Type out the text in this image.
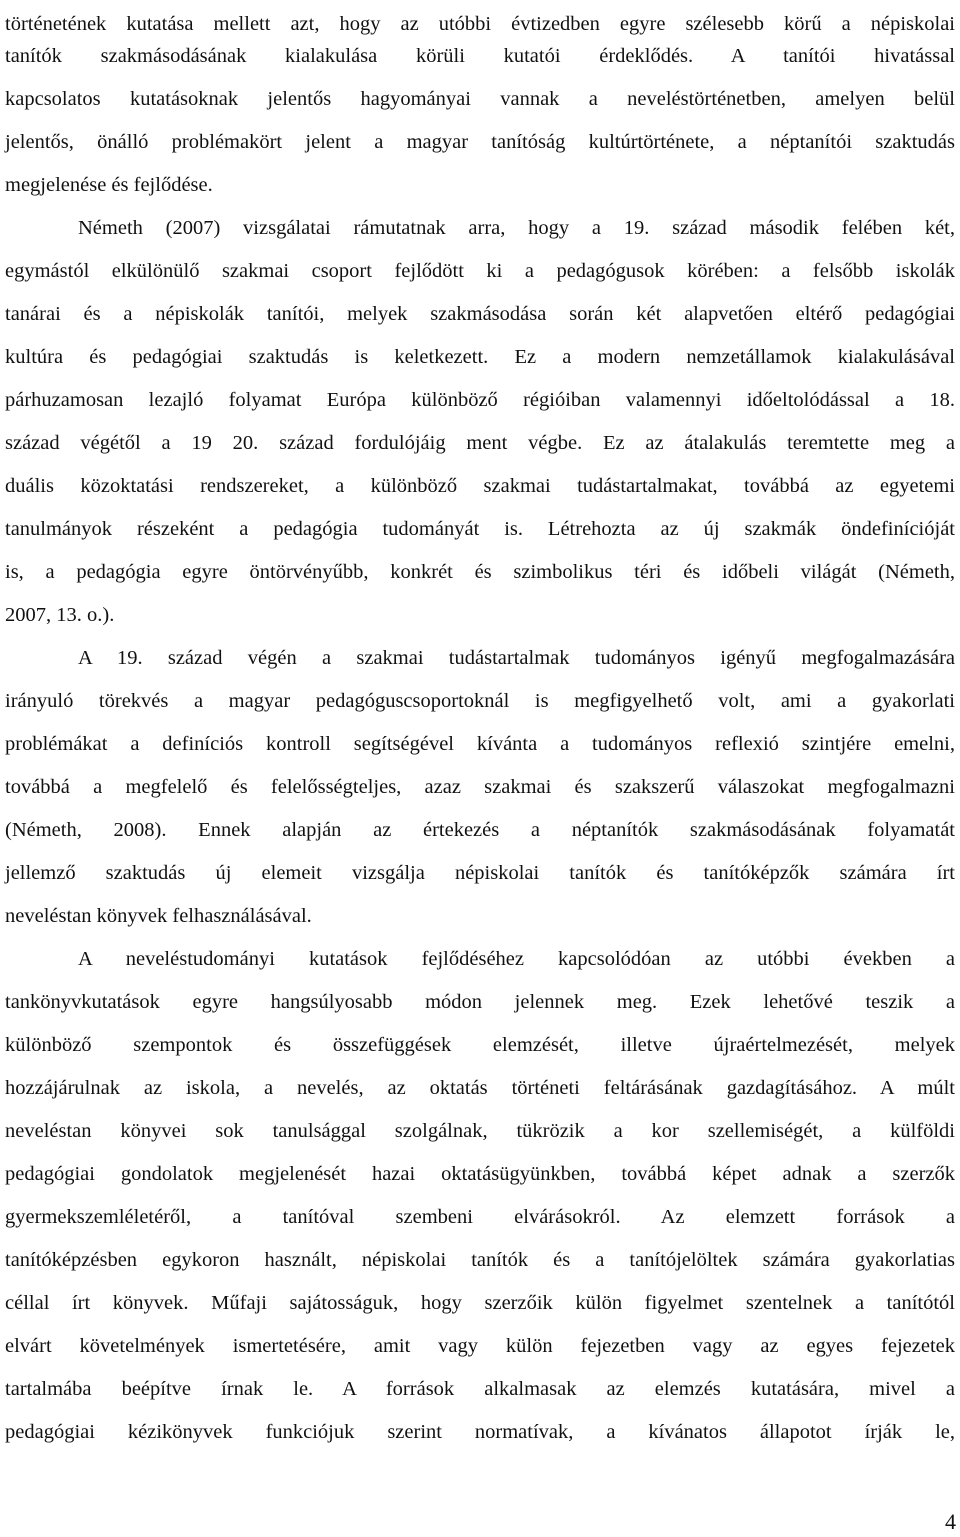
történetének kutatása mellett azt, hogy az utóbbi évtizedben egyre szélesebb körű a népiskolai
tanítók szakmásodásának kialakulása körüli kutatói érdeklődés. A tanítói hivatással
kapcsolatos kutatásoknak jelentős hagyományai vannak a neveléstörténetben, amelyen belül
jelentős, önálló problémakört jelent a magyar tanítóság kultúrtörténete, a néptanítói szaktudás
megjelenése és fejlődése.
Németh (2007) vizsgálatai rámutatnak arra, hogy a 19. század második felében két,
egymástól elkülönülő szakmai csoport fejlődött ki a pedagógusok körében: a felsőbb iskolák
tanárai és a népiskolák tanítói, melyek szakmásodása során két alapvetően eltérő pedagógiai
kultúra és pedagógiai szaktudás is keletkezett. Ez a modern nemzetállamok kialakulásával
párhuzamosan lezajló folyamat Európa különböző régióiban valamennyi időeltolódással a 18.
század végétől a 19 20. század fordulójáig ment végbe. Ez az átalakulás teremtette meg a
duális közoktatási rendszereket, a különböző szakmai tudástartalmakat, továbbá az egyetemi
tanulmányok részeként a pedagógia tudományát is. Létrehozta az új szakmák öndefinícióját
is, a pedagógia egyre öntörvényűbb, konkrét és szimbolikus téri és időbeli világát (Németh,
2007, 13. o.).
A 19. század végén a szakmai tudástartalmak tudományos igényű megfogalmazására
irányuló törekvés a magyar pedagóguscsoportoknál is megfigyelhető volt, ami a gyakorlati
problémákat a definíciós kontroll segítségével kívánta a tudományos reflexió szintjére emelni,
továbbá a megfelelő és felelősségteljes, azaz szakmai és szakszerű válaszokat megfogalmazni
(Németh, 2008). Ennek alapján az értekezés a néptanítók szakmásodásának folyamatát
jellemző szaktudás új elemeit vizsgálja népiskolai tanítók és tanítóképzők számára írt
neveléstan könyvek felhasználásával.
A neveléstudományi kutatások fejlődéséhez kapcsolódóan az utóbbi években a
tankönyvkutatások egyre hangsúlyosabb módon jelennek meg. Ezek lehetővé teszik a
különböző szempontok és összefüggések elemzését, illetve újraértelmezését, melyek
hozzájárulnak az iskola, a nevelés, az oktatás történeti feltárásának gazdagításához. A múlt
neveléstan könyvei sok tanulsággal szolgálnak, tükrözik a kor szellemiségét, a külföldi
pedagógiai gondolatok megjelenését hazai oktatásügyünkben, továbbá képet adnak a szerzők
gyermekszemléletéről, a tanítóval szembeni elvárásokról. Az elemzett források a
tanítóképzésben egykoron használt, népiskolai tanítók és a tanítójelöltek számára gyakorlatias
céllal írt könyvek. Műfaji sajátosságuk, hogy szerzőik külön figyelmet szentelnek a tanítótól
elvárt követelmények ismertetésére, amit vagy külön fejezetben vagy az egyes fejezetek
tartalmába beépítve írnak le. A források alkalmasak az elemzés kutatására, mivel a
pedagógiai kézikönyvek funkciójuk szerint normatívak, a kívánatos állapotot írják le,
4
